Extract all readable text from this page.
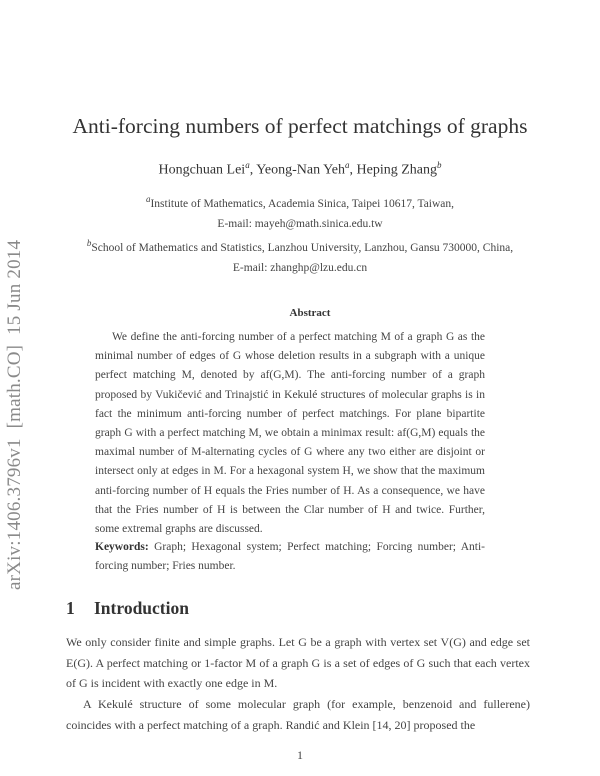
arXiv:1406.3796v1  [math.CO]  15 Jun 2014
Anti-forcing numbers of perfect matchings of graphs
Hongchuan Lei$^a$, Yeong-Nan Yeh$^a$, Heping Zhang$^b$
$^a$Institute of Mathematics, Academia Sinica, Taipei 10617, Taiwan,
E-mail: mayeh@math.sinica.edu.tw
$^b$School of Mathematics and Statistics, Lanzhou University, Lanzhou, Gansu 730000, China,
E-mail: zhanghp@lzu.edu.cn
Abstract
We define the anti-forcing number of a perfect matching M of a graph G as the minimal number of edges of G whose deletion results in a subgraph with a unique perfect matching M, denoted by af(G,M). The anti-forcing number of a graph proposed by Vukičević and Trinajstić in Kekulé structures of molecular graphs is in fact the minimum anti-forcing number of perfect matchings. For plane bipartite graph G with a perfect matching M, we obtain a minimax result: af(G,M) equals the maximal number of M-alternating cycles of G where any two either are disjoint or intersect only at edges in M. For a hexagonal system H, we show that the maximum anti-forcing number of H equals the Fries number of H. As a consequence, we have that the Fries number of H is between the Clar number of H and twice. Further, some extremal graphs are discussed.
Keywords: Graph; Hexagonal system; Perfect matching; Forcing number; Anti-forcing number; Fries number.
1 Introduction
We only consider finite and simple graphs. Let G be a graph with vertex set V(G) and edge set E(G). A perfect matching or 1-factor M of a graph G is a set of edges of G such that each vertex of G is incident with exactly one edge in M.
A Kekulé structure of some molecular graph (for example, benzenoid and fullerene) coincides with a perfect matching of a graph. Randić and Klein [14, 20] proposed the
1
